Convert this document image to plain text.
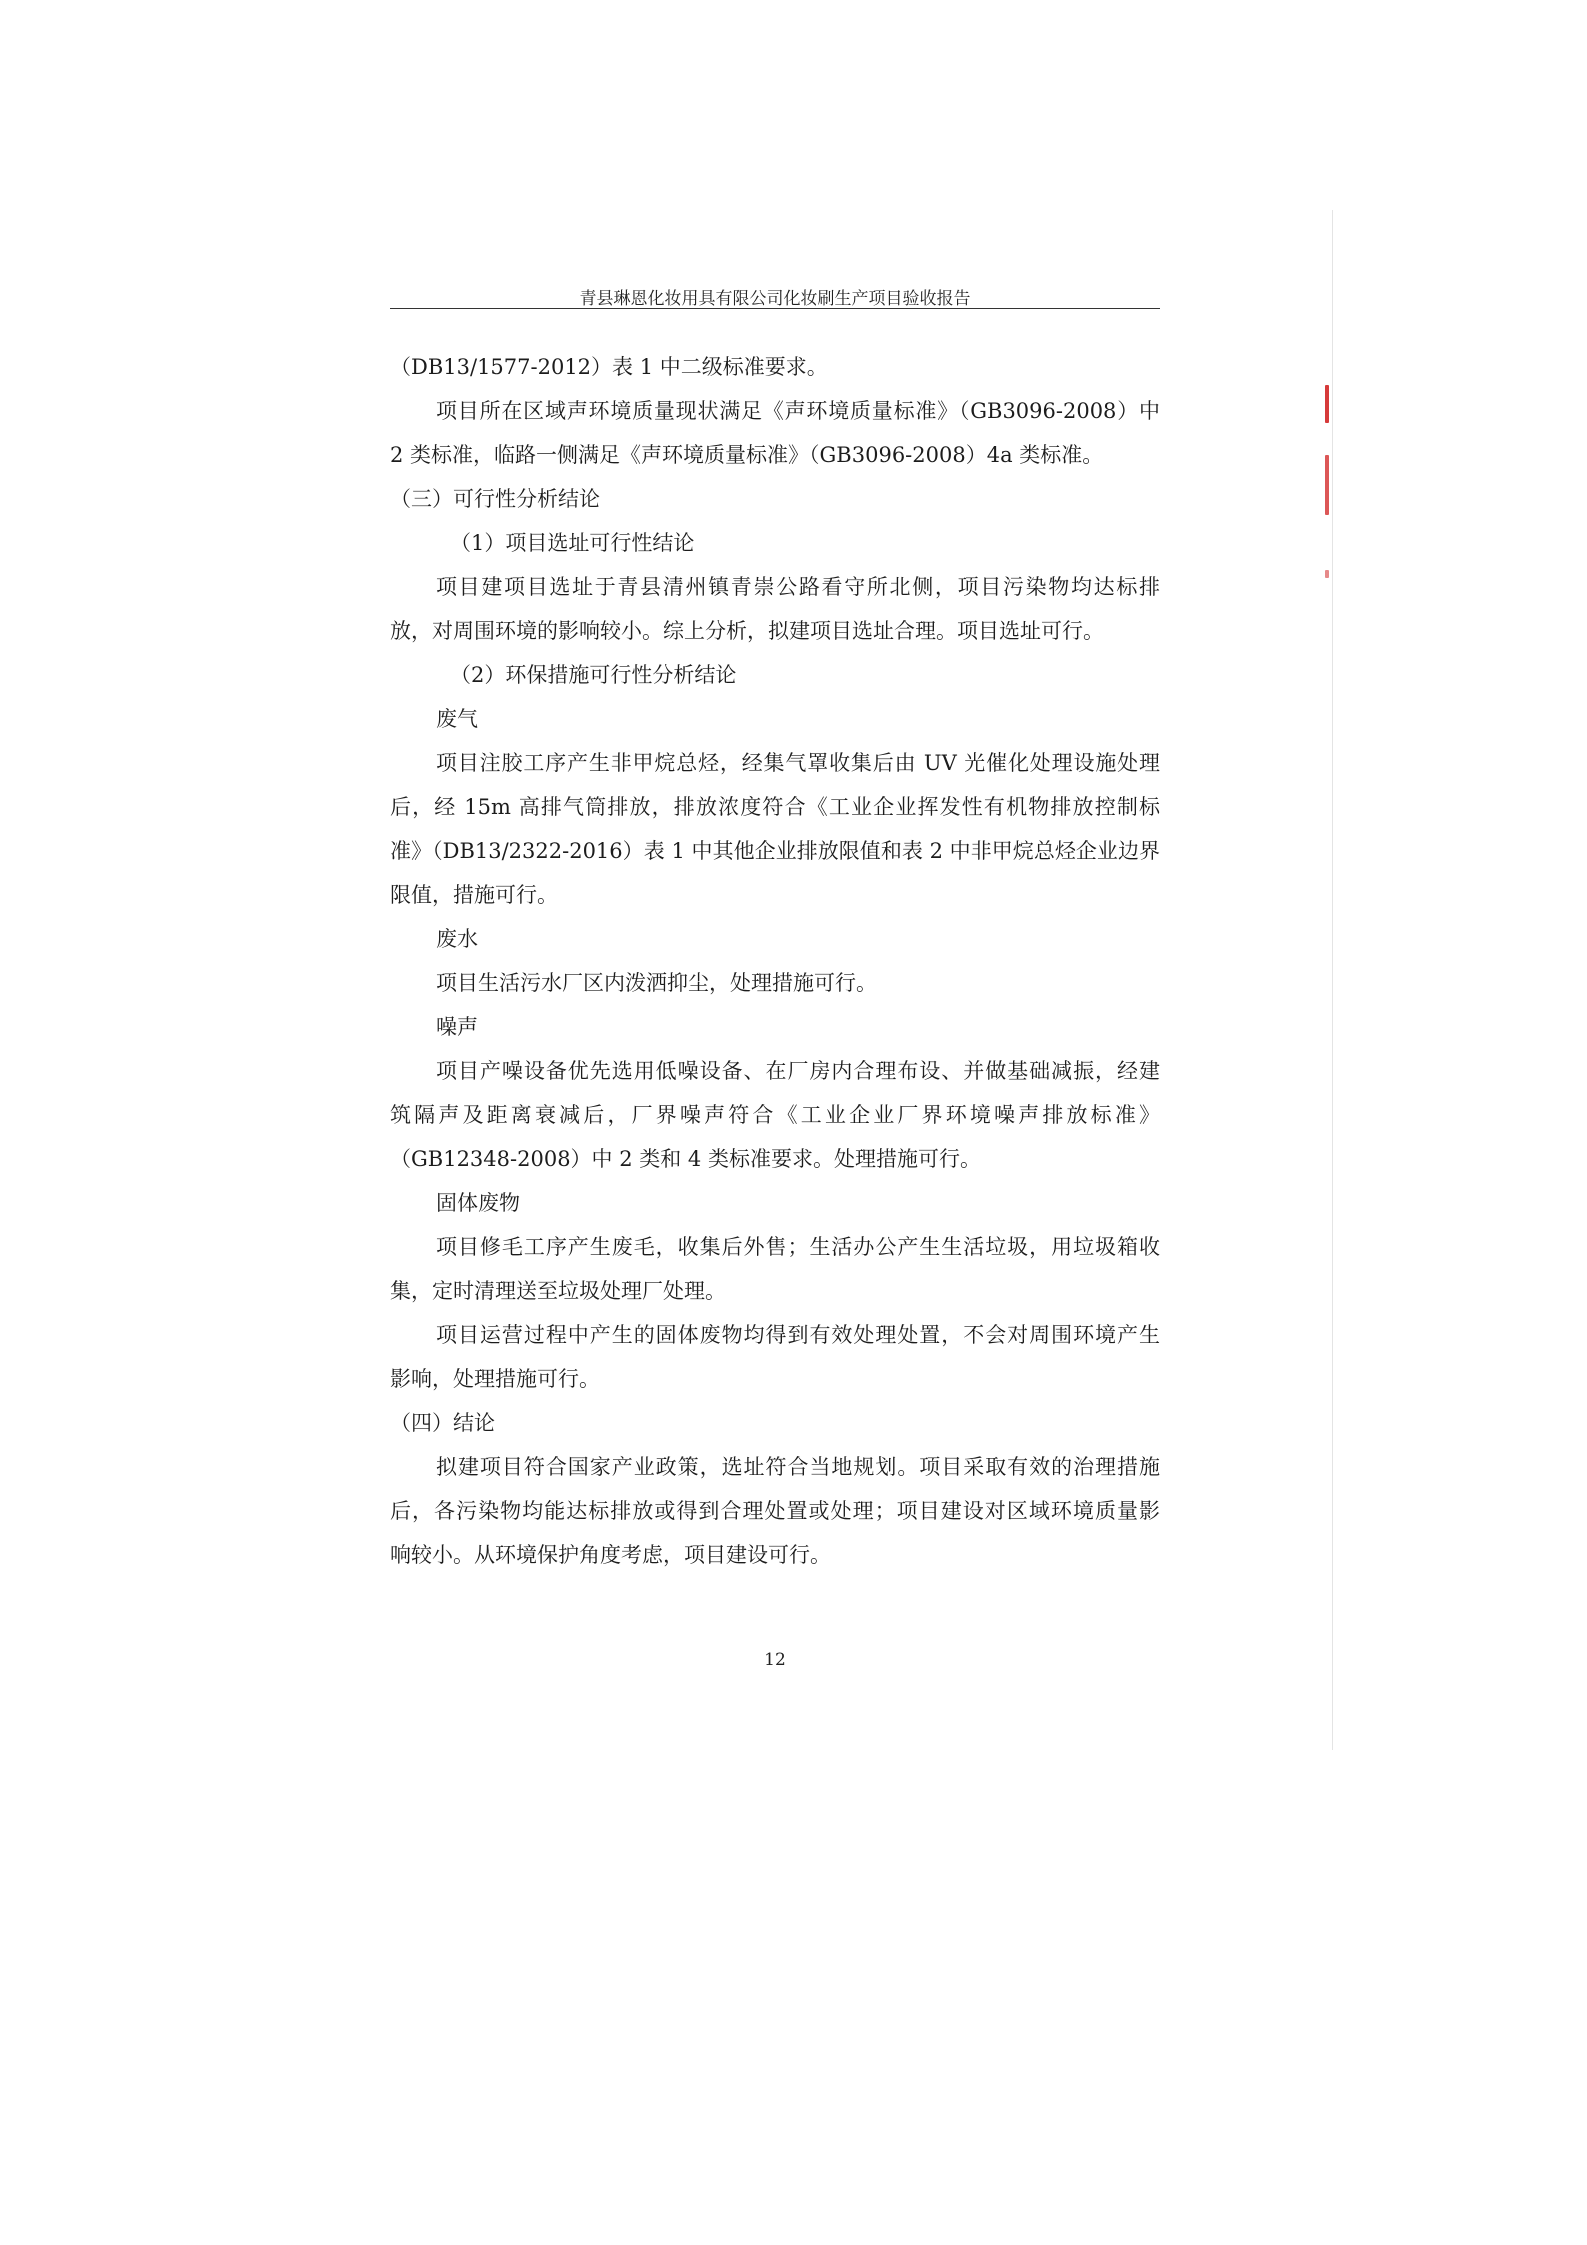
青县琳恩化妆用具有限公司化妆刷生产项目验收报告
（DB13/1577-2012）表 1 中二级标准要求。
项目所在区域声环境质量现状满足《声环境质量标准》（GB3096-2008）中
2 类标准，临路一侧满足《声环境质量标准》（GB3096-2008）4a 类标准。
（三）可行性分析结论
（1）项目选址可行性结论
项目建项目选址于青县清州镇青崇公路看守所北侧，项目污染物均达标排
放，对周围环境的影响较小。综上分析，拟建项目选址合理。项目选址可行。
（2）环保措施可行性分析结论
废气
项目注胶工序产生非甲烷总烃，经集气罩收集后由 UV 光催化处理设施处理
后，经 15m 高排气筒排放，排放浓度符合《工业企业挥发性有机物排放控制标
准》（DB13/2322-2016）表 1 中其他企业排放限值和表 2 中非甲烷总烃企业边界
限值，措施可行。
废水
项目生活污水厂区内泼洒抑尘，处理措施可行。
噪声
项目产噪设备优先选用低噪设备、在厂房内合理布设、并做基础减振，经建
筑隔声及距离衰减后，厂界噪声符合《工业企业厂界环境噪声排放标准》
（GB12348-2008）中 2 类和 4 类标准要求。处理措施可行。
固体废物
项目修毛工序产生废毛，收集后外售；生活办公产生生活垃圾，用垃圾箱收
集，定时清理送至垃圾处理厂处理。
项目运营过程中产生的固体废物均得到有效处理处置，不会对周围环境产生
影响，处理措施可行。
（四）结论
拟建项目符合国家产业政策，选址符合当地规划。项目采取有效的治理措施
后，各污染物均能达标排放或得到合理处置或处理；项目建设对区域环境质量影
响较小。从环境保护角度考虑，项目建设可行。
12
